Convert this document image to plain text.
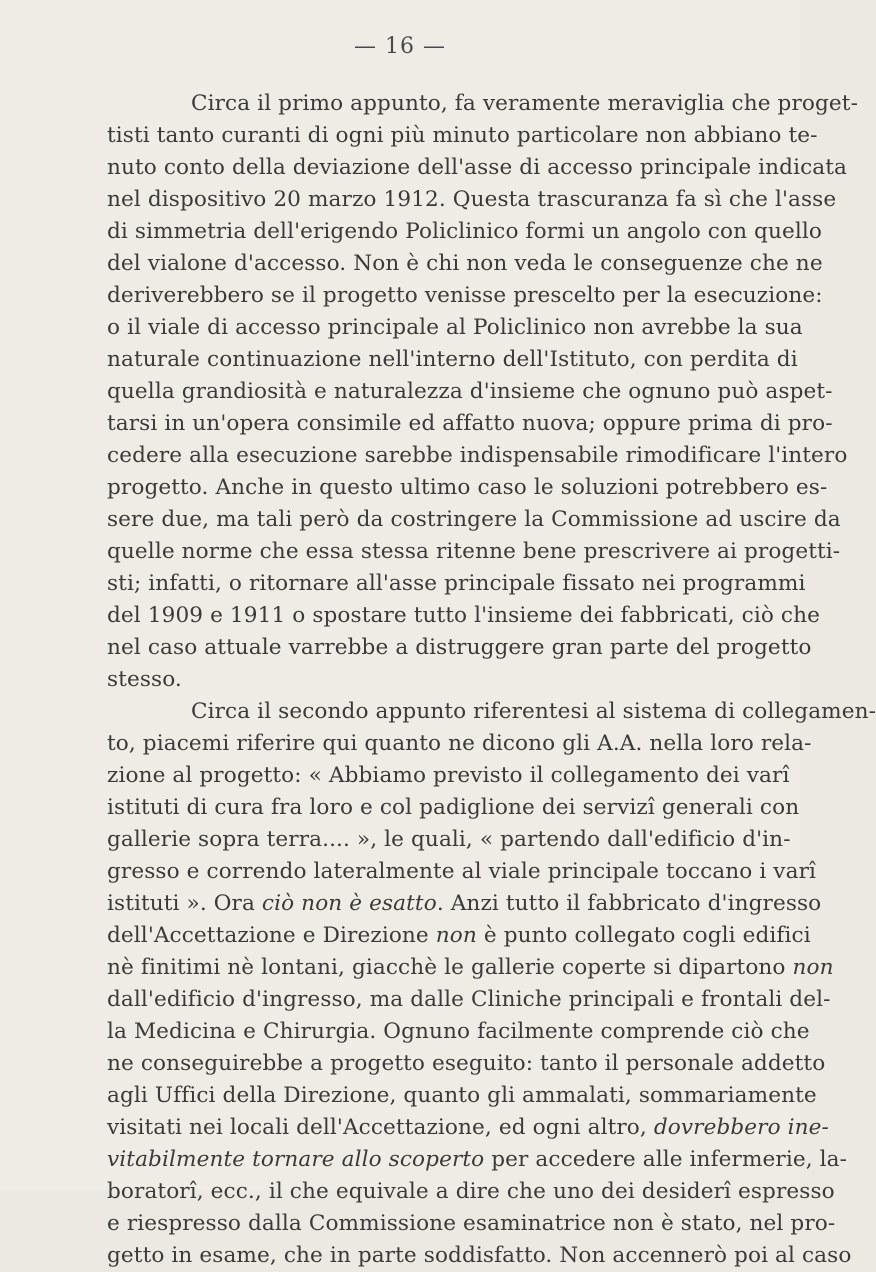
— 16 —
Circa il primo appunto, fa veramente meraviglia che proget-
tisti tanto curanti di ogni più minuto particolare non abbiano te-
nuto conto della deviazione dell'asse di accesso principale indicata
nel dispositivo 20 marzo 1912. Questa trascuranza fa sì che l'asse
di simmetria dell'erigendo Policlinico formi un angolo con quello
del vialone d'accesso. Non è chi non veda le conseguenze che ne
deriverebbero se il progetto venisse prescelto per la esecuzione:
o il viale di accesso principale al Policlinico non avrebbe la sua
naturale continuazione nell'interno dell'Istituto, con perdita di
quella grandiosità e naturalezza d'insieme che ognuno può aspet-
tarsi in un'opera consimile ed affatto nuova; oppure prima di pro-
cedere alla esecuzione sarebbe indispensabile rimodificare l'intero
progetto. Anche in questo ultimo caso le soluzioni potrebbero es-
sere due, ma tali però da costringere la Commissione ad uscire da
quelle norme che essa stessa ritenne bene prescrivere ai progetti-
sti; infatti, o ritornare all'asse principale fissato nei programmi
del 1909 e 1911 o spostare tutto l'insieme dei fabbricati, ciò che
nel caso attuale varrebbe a distruggere gran parte del progetto
stesso.
Circa il secondo appunto riferentesi al sistema di collegamen-
to, piacemi riferire qui quanto ne dicono gli A.A. nella loro rela-
zione al progetto: « Abbiamo previsto il collegamento dei varî
istituti di cura fra loro e col padiglione dei servizî generali con
gallerie sopra terra.... », le quali, « partendo dall'edificio d'in-
gresso e correndo lateralmente al viale principale toccano i varî
istituti ». Ora ciò non è esatto. Anzi tutto il fabbricato d'ingresso
dell'Accettazione e Direzione non è punto collegato cogli edifici
nè finitimi nè lontani, giacchè le gallerie coperte si dipartono non
dall'edificio d'ingresso, ma dalle Cliniche principali e frontali del-
la Medicina e Chirurgia. Ognuno facilmente comprende ciò che
ne conseguirebbe a progetto eseguito: tanto il personale addetto
agli Uffici della Direzione, quanto gli ammalati, sommariamente
visitati nei locali dell'Accettazione, ed ogni altro, dovrebbero ine-
vitabilmente tornare allo scoperto per accedere alle infermerie, la-
boratorî, ecc., il che equivale a dire che uno dei desiderî espresso
e riespresso dalla Commissione esaminatrice non è stato, nel pro-
getto in esame, che in parte soddisfatto. Non accennerò poi al caso
